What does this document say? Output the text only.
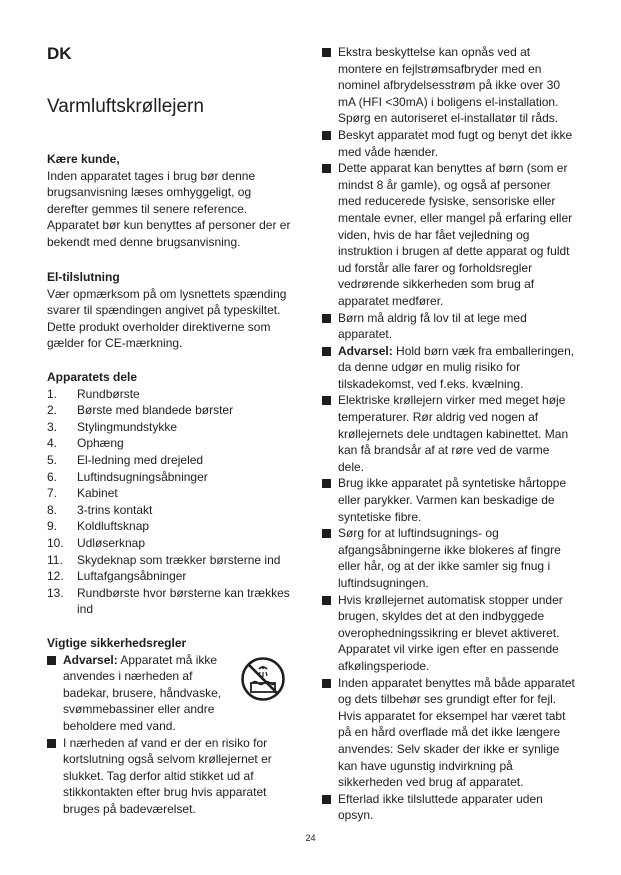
DK
Varmluftskrøllejern

Kære kunde,

Inden apparatet tages i brug bør denne brugsanvisning læses omhyggeligt, og derefter gemmes til senere reference. Apparatet bør kun benyttes af personer der er bekendt med denne brugsanvisning.

El-tilslutning

Vær opmærksom på om lysnettets spænding svarer til spændingen angivet på typeskiltet. Dette produkt overholder direktiverne som gælder for CE-mærkning.

Apparatets dele

1. Rundbørste
2. Børste med blandede børster
3. Stylingmundstykke
4. Ophæng
5. El-ledning med drejeled
6. Luftindsugningsåbninger
7. Kabinet
8. 3-trins kontakt
9. Koldluftsknap
10. Udløserknap
11. Skydeknap som trækker børsterne ind
12. Luftafgangsåbninger
13. Rundbørste hvor børsterne kan trækkes ind

Vigtige sikkerhedsregler

Advarsel: Apparatet må ikke anvendes i nærheden af badekar, brusere, håndvaske, svømmebassiner eller andre beholdere med vand.
I nærheden af vand er der en risiko for kortslutning også selvom krøllejernet er slukket. Tag derfor altid stikket ud af stikkontakten efter brug hvis apparatet bruges på badeværelset.
Ekstra beskyttelse kan opnås ved at montere en fejlstrømsafbryder med en nominel afbrydelsesstrøm på ikke over 30 mA (HFI <30mA) i boligens el-installation. Spørg en autoriseret el-installatør til råds.
Beskyt apparatet mod fugt og benyt det ikke med våde hænder.
Dette apparat kan benyttes af børn (som er mindst 8 år gamle), og også af personer med reducerede fysiske, sensoriske eller mentale evner, eller mangel på erfaring eller viden, hvis de har fået vejledning og instruktion i brugen af dette apparat og fuldt ud forstår alle farer og forholdsregler vedrørende sikkerheden som brug af apparatet medfører.
Børn må aldrig få lov til at lege med apparatet.
Advarsel: Hold børn væk fra emballeringen, da denne udgør en mulig risiko for tilskadekomst, ved f.eks. kvælning.
Elektriske krøllejern virker med meget høje temperaturer. Rør aldrig ved nogen af krøllejernets dele undtagen kabinettet. Man kan få brandsår af at røre ved de varme dele.
Brug ikke apparatet på syntetiske hårtoppe eller parykker. Varmen kan beskadige de syntetiske fibre.
Sørg for at luftindsugnings- og afgangsåbningerne ikke blokeres af fingre eller hår, og at der ikke samler sig fnug i luftindsugningen.
Hvis krøllejernet automatisk stopper under brugen, skyldes det at den indbyggede overophedningssikring er blevet aktiveret. Apparatet vil virke igen efter en passende afkølingsperiode.
Inden apparatet benyttes må både apparatet og dets tilbehør ses grundigt efter for fejl. Hvis apparatet for eksempel har været tabt på en hård overflade må det ikke længere anvendes: Selv skader der ikke er synlige kan have ugunstig indvirkning på sikkerheden ved brug af apparatet.
Efterlad ikke tilsluttede apparater uden opsyn.
24
